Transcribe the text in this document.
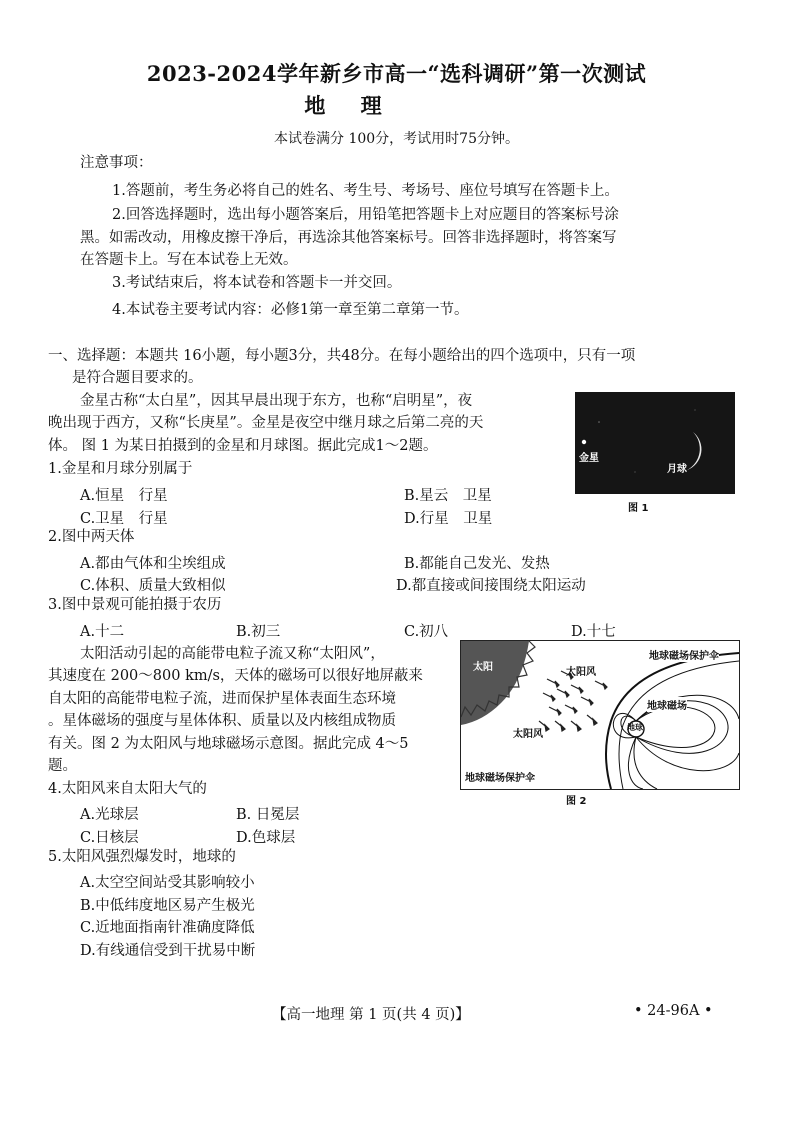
2023-2024学年新乡市高一“选科调研”第一次测试
地 理
本试卷满分 100分，考试用时75分钟。
注意事项：
1.答题前，考生务必将自己的姓名、考生号、考场号、座位号填写在答题卡上。
2.回答选择题时，选出每小题答案后，用铅笔把答题卡上对应题目的答案标号涂
黑。如需改动，用橡皮擦干净后，再选涂其他答案标号。回答非选择题时，将答案写
在答题卡上。写在本试卷上无效。
3.考试结束后，将本试卷和答题卡一并交回。
4.本试卷主要考试内容：必修1第一章至第二章第一节。
一、选择题：本题共 16小题，每小题3分，共48分。在每小题给出的四个选项中，只有一项
是符合题目要求的。
金星古称“太白星”，因其早晨出现于东方，也称“启明星”，夜
晚出现于西方，又称“长庚星”。金星是夜空中继月球之后第二亮的天
体。 图 1 为某日拍摄到的金星和月球图。据此完成1～2题。
金星
月球
图 1
1.金星和月球分别属于
A.恒星　行星	B.星云　卫星
C.卫星　行星	D.行星　卫星
2.图中两天体
A.都由气体和尘埃组成	B.都能自己发光、发热
C.体积、质量大致相似	D.都直接或间接围绕太阳运动
3.图中景观可能拍摄于农历
A.十二	B.初三	C.初八	D.十七
太阳活动引起的高能带电粒子流又称“太阳风”，
其速度在 200～800 km/s，天体的磁场可以很好地屏蔽来
自太阳的高能带电粒子流，进而保护星体表面生态环境
。星体磁场的强度与星体体积、质量以及内核组成物质
有关。图 2 为太阳风与地球磁场示意图。据此完成 4～5
题。
太阳	太阳风
太阳风
地球磁场保护伞
地球磁场
地球
地球磁场保护伞
图 2
4.太阳风来自太阳大气的
A.光球层	B. 日冕层
C.日核层	D.色球层
5.太阳风强烈爆发时，地球的
A.太空空间站受其影响较小
B.中低纬度地区易产生极光
C.近地面指南针准确度降低
D.有线通信受到干扰易中断
【高一地理 第 1 页(共 4 页)】	• 24-96A •
